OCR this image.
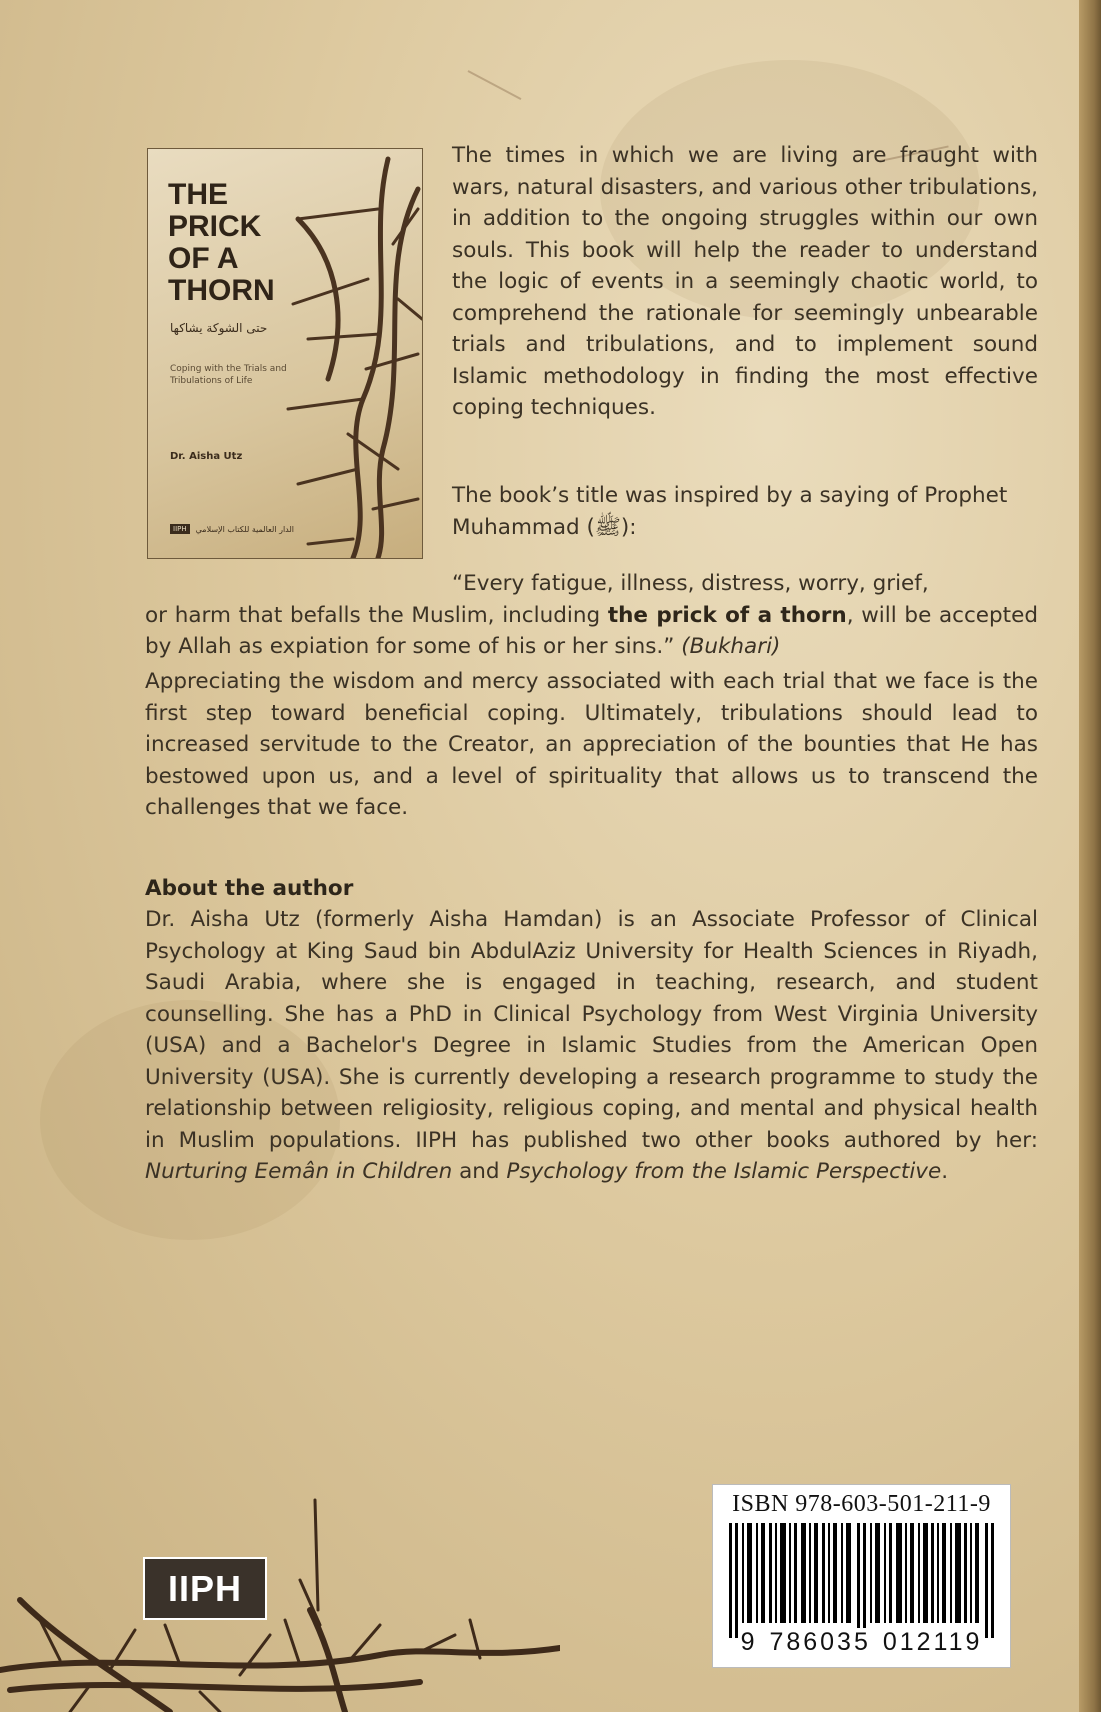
THE
PRICK
OF A
THORN
حتى الشوكة يشاكها
Coping with the Trials and Tribulations of Life
Dr. Aisha Utz
IIPH	الدار العالمية للكتاب الإسلامي

The times in which we are living are fraught with wars, natural disasters, and various other tribulations, in addition to the ongoing struggles within our own souls. This book will help the reader to understand the logic of events in a seemingly chaotic world, to comprehend the rationale for seemingly unbearable trials and tribulations, and to implement sound Islamic methodology in finding the most effective coping techniques.

The book’s title was inspired by a saying of Prophet Muhammad (ﷺ):

“Every fatigue, illness, distress, worry, grief,
or harm that befalls the Muslim, including the prick of a thorn, will be accepted by Allah as expiation for some of his or her sins.” (Bukhari)

Appreciating the wisdom and mercy associated with each trial that we face is the first step toward beneficial coping. Ultimately, tribulations should lead to increased servitude to the Creator, an appreciation of the bounties that He has bestowed upon us, and a level of spirituality that allows us to transcend the challenges that we face.

About the author

Dr. Aisha Utz (formerly Aisha Hamdan) is an Associate Professor of Clinical Psychology at King Saud bin AbdulAziz University for Health Sciences in Riyadh, Saudi Arabia, where she is engaged in teaching, research, and student counselling. She has a PhD in Clinical Psychology from West Virginia University (USA) and a Bachelor's Degree in Islamic Studies from the American Open University (USA). She is currently developing a research programme to study the relationship between religiosity, religious coping, and mental and physical health in Muslim populations. IIPH has published two other books authored by her: Nurturing Eemân in Children and Psychology from the Islamic Perspective.

IIPH
ISBN 978-603-501-211-9
9 786035 012119
